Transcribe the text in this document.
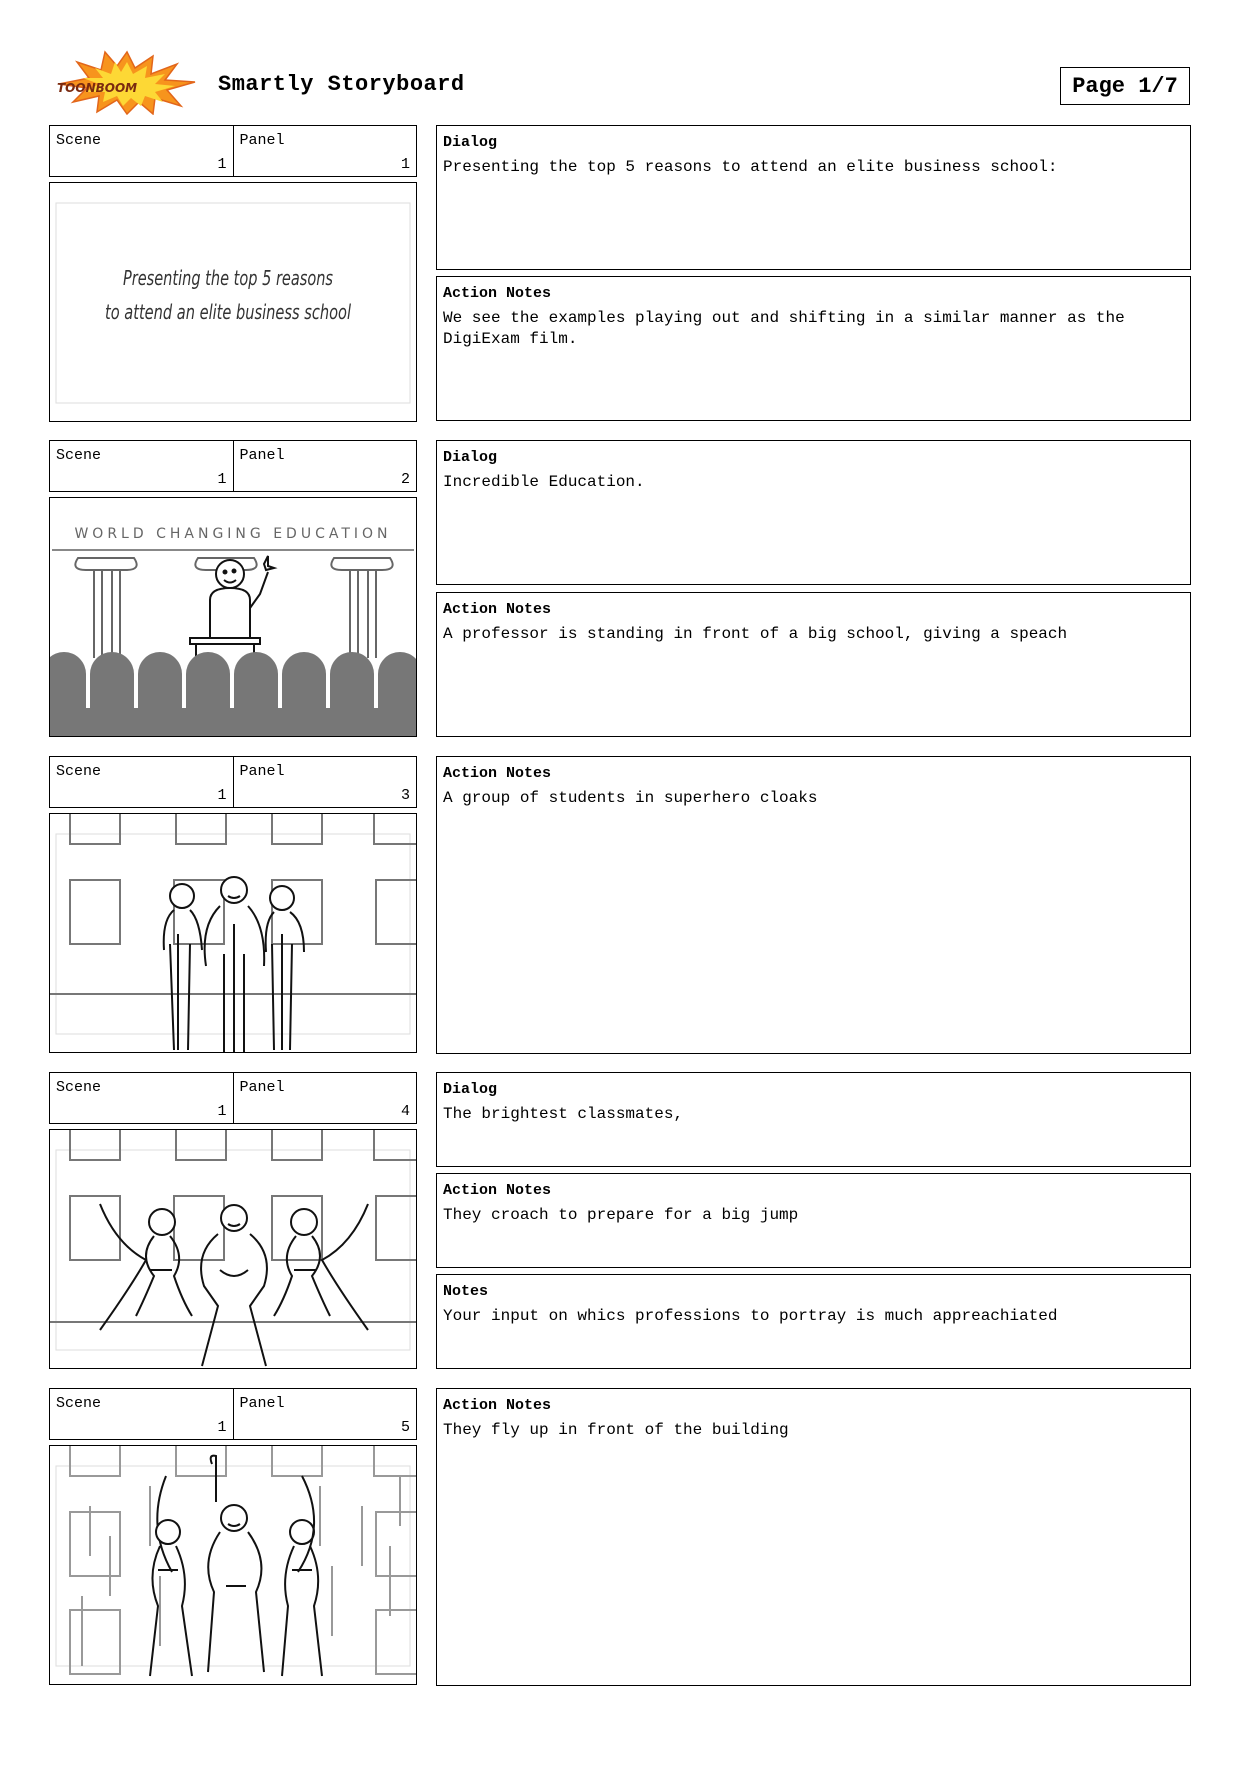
TOONBOOM	Smartly Storyboard	Page 1/7
Scene
1
Panel
1
Presenting the top 5 reasons
to attend an elite business school
Dialog
Presenting the top 5 reasons to attend an elite business school:
Action Notes
We see the examples playing out and shifting in a similar manner as the DigiExam film.
Scene
1
Panel
2
WORLD CHANGING EDUCATION
Dialog
Incredible Education.
Action Notes
A professor is standing in front of a big school, giving a speach
Scene
1
Panel
3
Action Notes
A group of students in superhero cloaks
Scene
1
Panel
4
Dialog
The brightest classmates,
Action Notes
They croach to prepare for a big jump
Notes
Your input on whics professions to portray is much appreachiated
Scene
1
Panel
5
Action Notes
They fly up in front of the building
